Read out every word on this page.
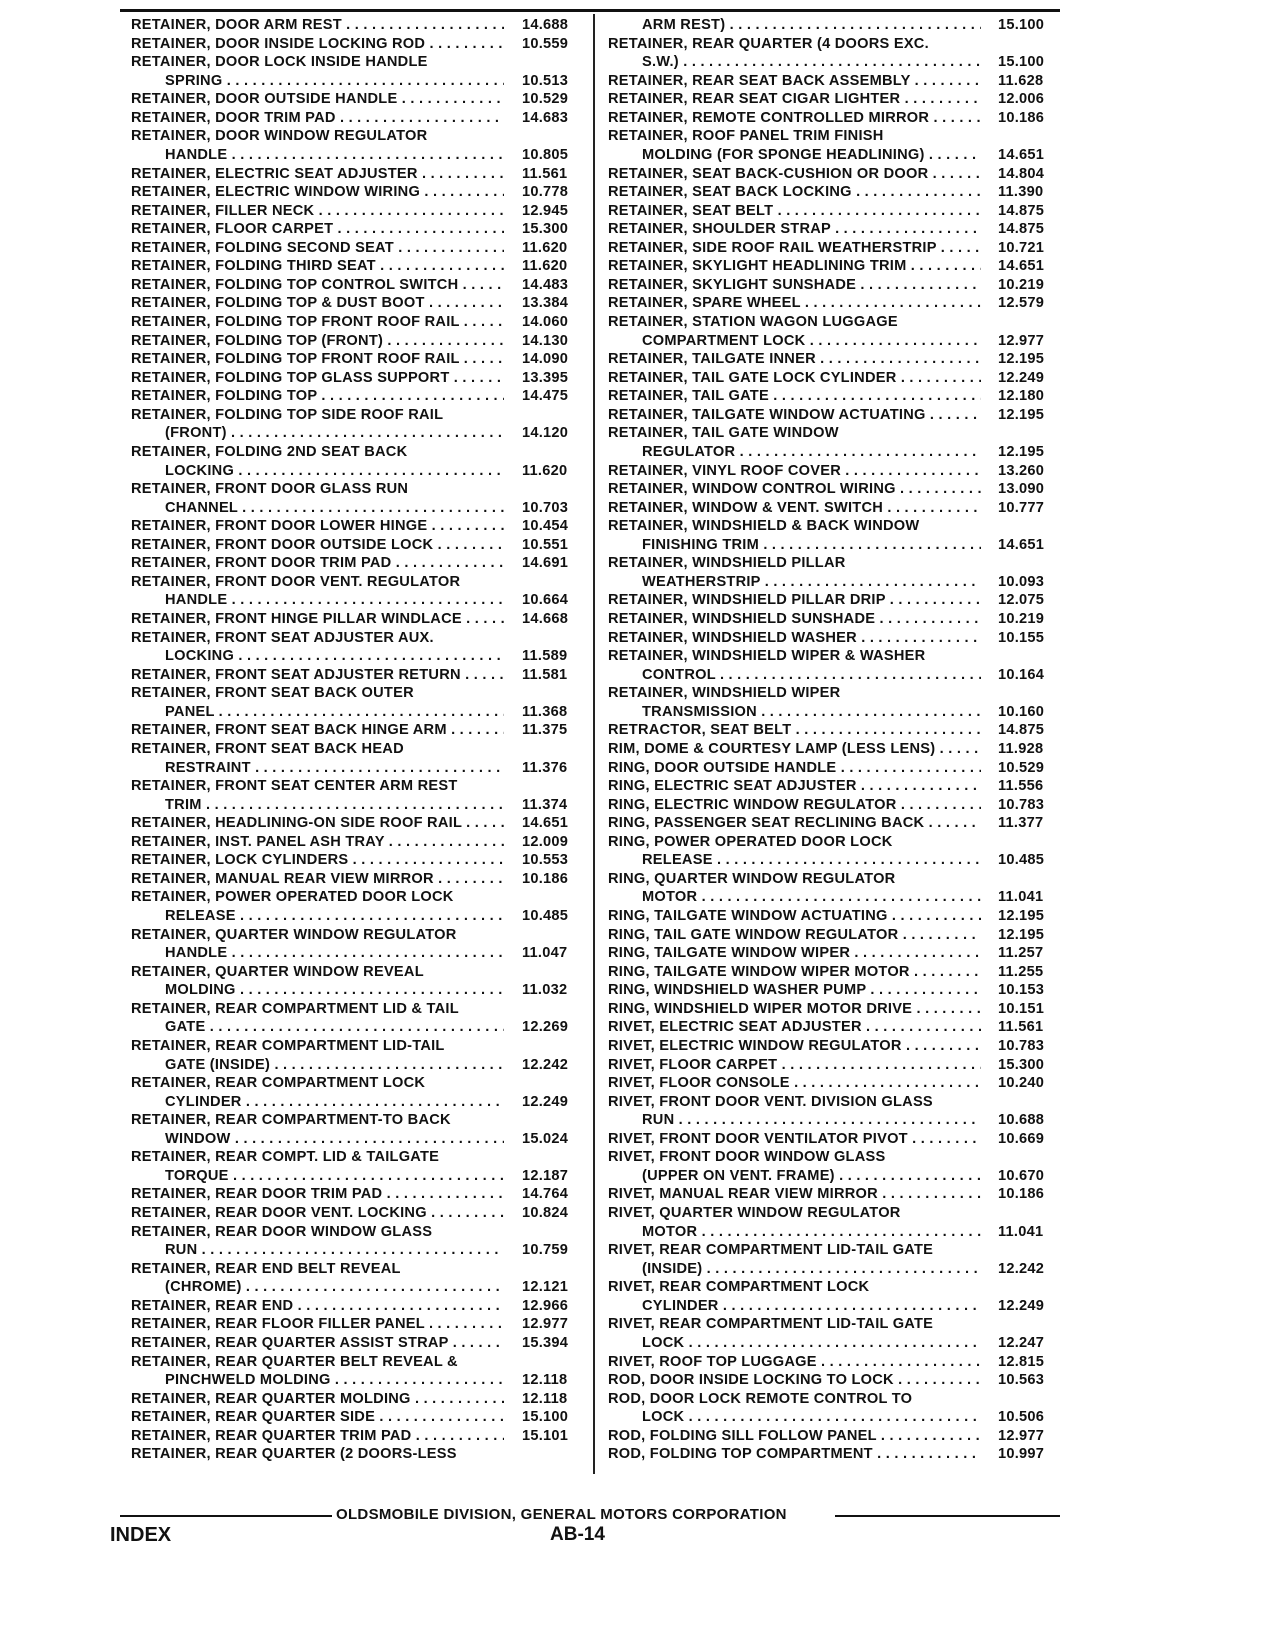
RETAINER, DOOR ARM REST . . .	14.688
RETAINER, DOOR INSIDE LOCKING ROD . . .	10.559
RETAINER, DOOR LOCK INSIDE HANDLE
SPRING . . .	10.513
RETAINER, DOOR OUTSIDE HANDLE . . .	10.529
RETAINER, DOOR TRIM PAD . . .	14.683
RETAINER, DOOR WINDOW REGULATOR
HANDLE . . .	10.805
RETAINER, ELECTRIC SEAT ADJUSTER . . .	11.561
RETAINER, ELECTRIC WINDOW WIRING . . .	10.778
RETAINER, FILLER NECK . . .	12.945
RETAINER, FLOOR CARPET . . .	15.300
RETAINER, FOLDING SECOND SEAT . . .	11.620
RETAINER, FOLDING THIRD SEAT . . .	11.620
RETAINER, FOLDING TOP CONTROL SWITCH . . .	14.483
RETAINER, FOLDING TOP & DUST BOOT . . .	13.384
RETAINER, FOLDING TOP FRONT ROOF RAIL . . .	14.060
RETAINER, FOLDING TOP (FRONT) . . .	14.130
RETAINER, FOLDING TOP FRONT ROOF RAIL . . .	14.090
RETAINER, FOLDING TOP GLASS SUPPORT . . .	13.395
RETAINER, FOLDING TOP . . .	14.475
RETAINER, FOLDING TOP SIDE ROOF RAIL
(FRONT) . . .	14.120
RETAINER, FOLDING 2ND SEAT BACK
LOCKING . . .	11.620
RETAINER, FRONT DOOR GLASS RUN
CHANNEL . . .	10.703
RETAINER, FRONT DOOR LOWER HINGE . . .	10.454
RETAINER, FRONT DOOR OUTSIDE LOCK . . .	10.551
RETAINER, FRONT DOOR TRIM PAD . . .	14.691
RETAINER, FRONT DOOR VENT. REGULATOR
HANDLE . . .	10.664
RETAINER, FRONT HINGE PILLAR WINDLACE . . .	14.668
RETAINER, FRONT SEAT ADJUSTER AUX.
LOCKING . . .	11.589
RETAINER, FRONT SEAT ADJUSTER RETURN . . .	11.581
RETAINER, FRONT SEAT BACK OUTER
PANEL . . .	11.368
RETAINER, FRONT SEAT BACK HINGE ARM . . .	11.375
RETAINER, FRONT SEAT BACK HEAD
RESTRAINT . . .	11.376
RETAINER, FRONT SEAT CENTER ARM REST
TRIM . . .	11.374
RETAINER, HEADLINING-ON SIDE ROOF RAIL . . .	14.651
RETAINER, INST. PANEL ASH TRAY . . .	12.009
RETAINER, LOCK CYLINDERS . . .	10.553
RETAINER, MANUAL REAR VIEW MIRROR . . .	10.186
RETAINER, POWER OPERATED DOOR LOCK
RELEASE . . .	10.485
RETAINER, QUARTER WINDOW REGULATOR
HANDLE . . .	11.047
RETAINER, QUARTER WINDOW REVEAL
MOLDING . . .	11.032
RETAINER, REAR COMPARTMENT LID & TAIL
GATE . . .	12.269
RETAINER, REAR COMPARTMENT LID-TAIL
GATE (INSIDE) . . .	12.242
RETAINER, REAR COMPARTMENT LOCK
CYLINDER . . .	12.249
RETAINER, REAR COMPARTMENT-TO BACK
WINDOW . . .	15.024
RETAINER, REAR COMPT. LID & TAILGATE
TORQUE . . .	12.187
RETAINER, REAR DOOR TRIM PAD . . .	14.764
RETAINER, REAR DOOR VENT. LOCKING . . .	10.824
RETAINER, REAR DOOR WINDOW GLASS
RUN . . .	10.759
RETAINER, REAR END BELT REVEAL
(CHROME) . . .	12.121
RETAINER, REAR END . . .	12.966
RETAINER, REAR FLOOR FILLER PANEL . . .	12.977
RETAINER, REAR QUARTER ASSIST STRAP . . .	15.394
RETAINER, REAR QUARTER BELT REVEAL &
PINCHWELD MOLDING . . .	12.118
RETAINER, REAR QUARTER MOLDING . . .	12.118
RETAINER, REAR QUARTER SIDE . . .	15.100
RETAINER, REAR QUARTER TRIM PAD . . .	15.101
RETAINER, REAR QUARTER (2 DOORS-LESS
ARM REST) . . .	15.100
RETAINER, REAR QUARTER (4 DOORS EXC.
S.W.) . . .	15.100
RETAINER, REAR SEAT BACK ASSEMBLY . . .	11.628
RETAINER, REAR SEAT CIGAR LIGHTER . . .	12.006
RETAINER, REMOTE CONTROLLED MIRROR . . .	10.186
RETAINER, ROOF PANEL TRIM FINISH
MOLDING (FOR SPONGE HEADLINING) . . .	14.651
RETAINER, SEAT BACK-CUSHION OR DOOR . . .	14.804
RETAINER, SEAT BACK LOCKING . . .	11.390
RETAINER, SEAT BELT . . .	14.875
RETAINER, SHOULDER STRAP . . .	14.875
RETAINER, SIDE ROOF RAIL WEATHERSTRIP . . .	10.721
RETAINER, SKYLIGHT HEADLINING TRIM . . .	14.651
RETAINER, SKYLIGHT SUNSHADE . . .	10.219
RETAINER, SPARE WHEEL . . .	12.579
RETAINER, STATION WAGON LUGGAGE
COMPARTMENT LOCK . . .	12.977
RETAINER, TAILGATE INNER . . .	12.195
RETAINER, TAIL GATE LOCK CYLINDER . . .	12.249
RETAINER, TAIL GATE . . .	12.180
RETAINER, TAILGATE WINDOW ACTUATING . . .	12.195
RETAINER, TAIL GATE WINDOW
REGULATOR . . .	12.195
RETAINER, VINYL ROOF COVER . . .	13.260
RETAINER, WINDOW CONTROL WIRING . . .	13.090
RETAINER, WINDOW & VENT. SWITCH . . .	10.777
RETAINER, WINDSHIELD & BACK WINDOW
FINISHING TRIM . . .	14.651
RETAINER, WINDSHIELD PILLAR
WEATHERSTRIP . . .	10.093
RETAINER, WINDSHIELD PILLAR DRIP . . .	12.075
RETAINER, WINDSHIELD SUNSHADE . . .	10.219
RETAINER, WINDSHIELD WASHER . . .	10.155
RETAINER, WINDSHIELD WIPER & WASHER
CONTROL . . .	10.164
RETAINER, WINDSHIELD WIPER
TRANSMISSION . . .	10.160
RETRACTOR, SEAT BELT . . .	14.875
RIM, DOME & COURTESY LAMP (LESS LENS) . . .	11.928
RING, DOOR OUTSIDE HANDLE . . .	10.529
RING, ELECTRIC SEAT ADJUSTER . . .	11.556
RING, ELECTRIC WINDOW REGULATOR . . .	10.783
RING, PASSENGER SEAT RECLINING BACK . . .	11.377
RING, POWER OPERATED DOOR LOCK
RELEASE . . .	10.485
RING, QUARTER WINDOW REGULATOR
MOTOR . . .	11.041
RING, TAILGATE WINDOW ACTUATING . . .	12.195
RING, TAIL GATE WINDOW REGULATOR . . .	12.195
RING, TAILGATE WINDOW WIPER . . .	11.257
RING, TAILGATE WINDOW WIPER MOTOR . . .	11.255
RING, WINDSHIELD WASHER PUMP . . .	10.153
RING, WINDSHIELD WIPER MOTOR DRIVE . . .	10.151
RIVET, ELECTRIC SEAT ADJUSTER . . .	11.561
RIVET, ELECTRIC WINDOW REGULATOR . . .	10.783
RIVET, FLOOR CARPET . . .	15.300
RIVET, FLOOR CONSOLE . . .	10.240
RIVET, FRONT DOOR VENT. DIVISION GLASS
RUN . . .	10.688
RIVET, FRONT DOOR VENTILATOR PIVOT . . .	10.669
RIVET, FRONT DOOR WINDOW GLASS
(UPPER ON VENT. FRAME) . . .	10.670
RIVET, MANUAL REAR VIEW MIRROR . . .	10.186
RIVET, QUARTER WINDOW REGULATOR
MOTOR . . .	11.041
RIVET, REAR COMPARTMENT LID-TAIL GATE
(INSIDE) . . .	12.242
RIVET, REAR COMPARTMENT LOCK
CYLINDER . . .	12.249
RIVET, REAR COMPARTMENT LID-TAIL GATE
LOCK . . .	12.247
RIVET, ROOF TOP LUGGAGE . . .	12.815
ROD, DOOR INSIDE LOCKING TO LOCK . . .	10.563
ROD, DOOR LOCK REMOTE CONTROL TO
LOCK . . .	10.506
ROD, FOLDING SILL FOLLOW PANEL . . .	12.977
ROD, FOLDING TOP COMPARTMENT . . .	10.997
OLDSMOBILE DIVISION, GENERAL MOTORS CORPORATION
INDEX	AB-14
